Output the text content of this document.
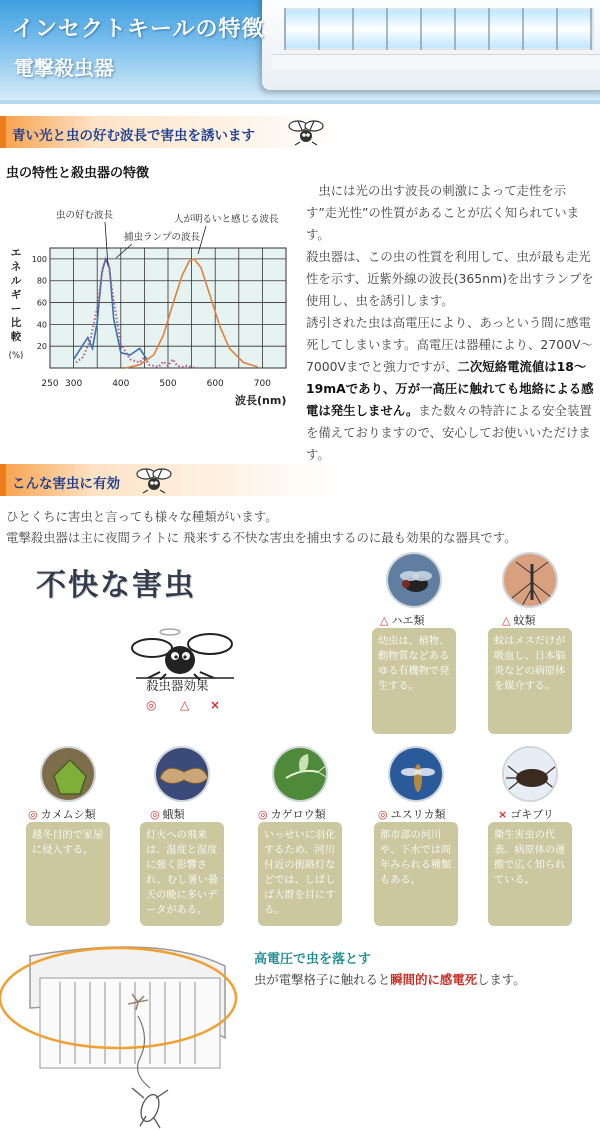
インセクトキールの特徴
電撃殺虫器
青い光と虫の好む波長で害虫を誘います
虫の特性と殺虫器の特徴
250 300	400	500	600	700
20
40
60
80
100
エネルギー比較(%)
波長(nm)
虫の好む波長
捕虫ランプの波長
人が明るいと感じる波長

虫には光の出す波長の刺激によって走性を示す”走光性”の性質があることが広く知られています。

殺虫器は、この虫の性質を利用して、虫が最も走光性を示す、近紫外線の波長(365nm)を出すランプを使用し、虫を誘引します。

誘引された虫は高電圧により、あっという間に感電死してしまいます。高電圧は器種により、2700V～7000Vまでと強力ですが、二次短絡電流値は18～19mAであり、万が一高圧に触れても地絡による感電は発生しません。また数々の特許による安全装置を備えておりますので、安心してお使いいただけます。

こんな害虫に有効
ひとくちに害虫と言っても様々な種類がいます。
電撃殺虫器は主に夜間ライトに 飛来する不快な害虫を捕虫するのに最も効果的な器具です。
不快な害虫
殺虫器効果
◎ △ ×
△ ハエ類
幼虫は、植物、動物質などあるゆる有機物で発生する。
△ 蚊類
蚊はメスだけが吸血し、日本脳炎などの病原体を媒介する。
◎ カメムシ類
越冬目的で家屋に侵入する。
◎ 蛾類
灯火への飛来は、温度と湿度に強く影響され、むし暑い曇天の晩に多いデータがある。
◎ カゲロウ類
いっせいに羽化するため、河川付近の街路灯などでは、しばしば大群を目にする。
◎ ユスリカ類
都市部の河川や、下水では周年みられる種類もある。
× ゴキブリ
衛生害虫の代表。病原体の運搬で広く知られている。
高電圧で虫を落とす
虫が電撃格子に触れると瞬間的に感電死します。
